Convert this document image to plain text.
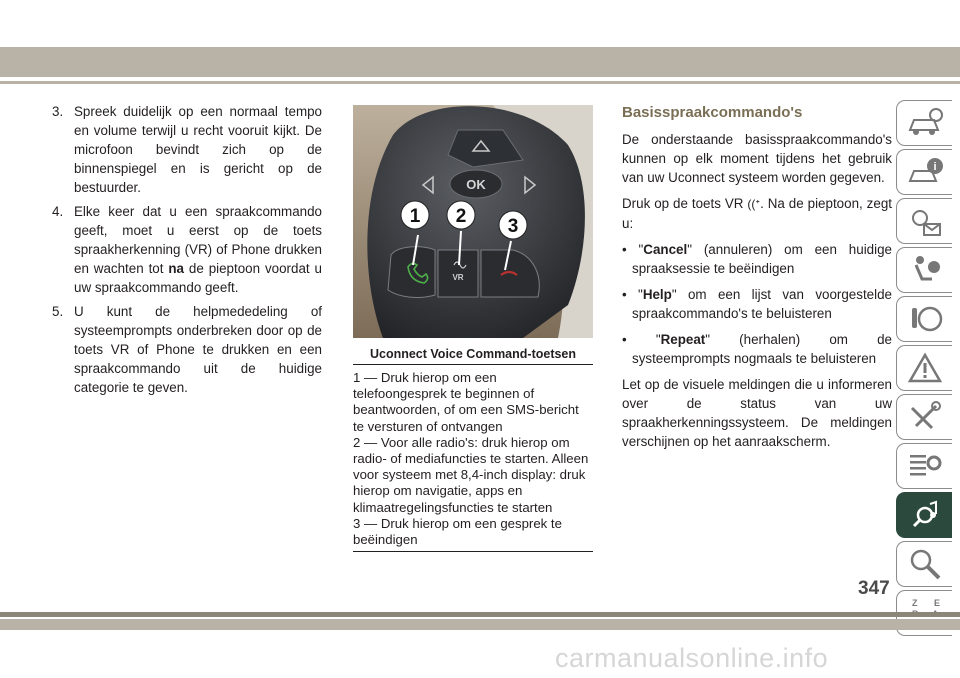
3. Spreek duidelijk op een normaal tempo en volume terwijl u recht vooruit kijkt. De microfoon bevindt zich op de binnenspiegel en is gericht op de bestuurder.
4. Elke keer dat u een spraakcommando geeft, moet u eerst op de toets spraakherkenning (VR) of Phone drukken en wachten tot na de pieptoon voordat u uw spraakcommando geeft.
5. U kunt de helpmededeling of systeemprompts onderbreken door op de toets VR of Phone te drukken en een spraakcommando uit de huidige categorie te geven.
OK
VR
1 2 3
Uconnect Voice Command-toetsen

1 — Druk hierop om een telefoongesprek te beginnen of beantwoorden, of om een SMS-bericht te versturen of ontvangen

2 — Voor alle radio's: druk hierop om radio- of mediafuncties te starten. Alleen voor systeem met 8,4-inch display: druk hierop om navigatie, apps en klimaatregelingsfuncties te starten

3 — Druk hierop om een gesprek te beëindigen

Basisspraakcommando's

De onderstaande basisspraakcommando's kunnen op elk moment tijdens het gebruik van uw Uconnect systeem worden gegeven.

Druk op de toets VR ((ᐩ. Na de pieptoon, zegt u:

• "Cancel" (annuleren) om een huidige spraaksessie te beëindigen

• "Help" om een lijst van voorgestelde spraakcommando's te beluisteren

• "Repeat" (herhalen) om de systeemprompts nogmaals te beluisteren

Let op de visuele meldingen die u informeren over de status van uw spraakherkenningssysteem. De meldingen verschijnen op het aanraakscherm.

i
Z E
347
carmanualsonline.info
